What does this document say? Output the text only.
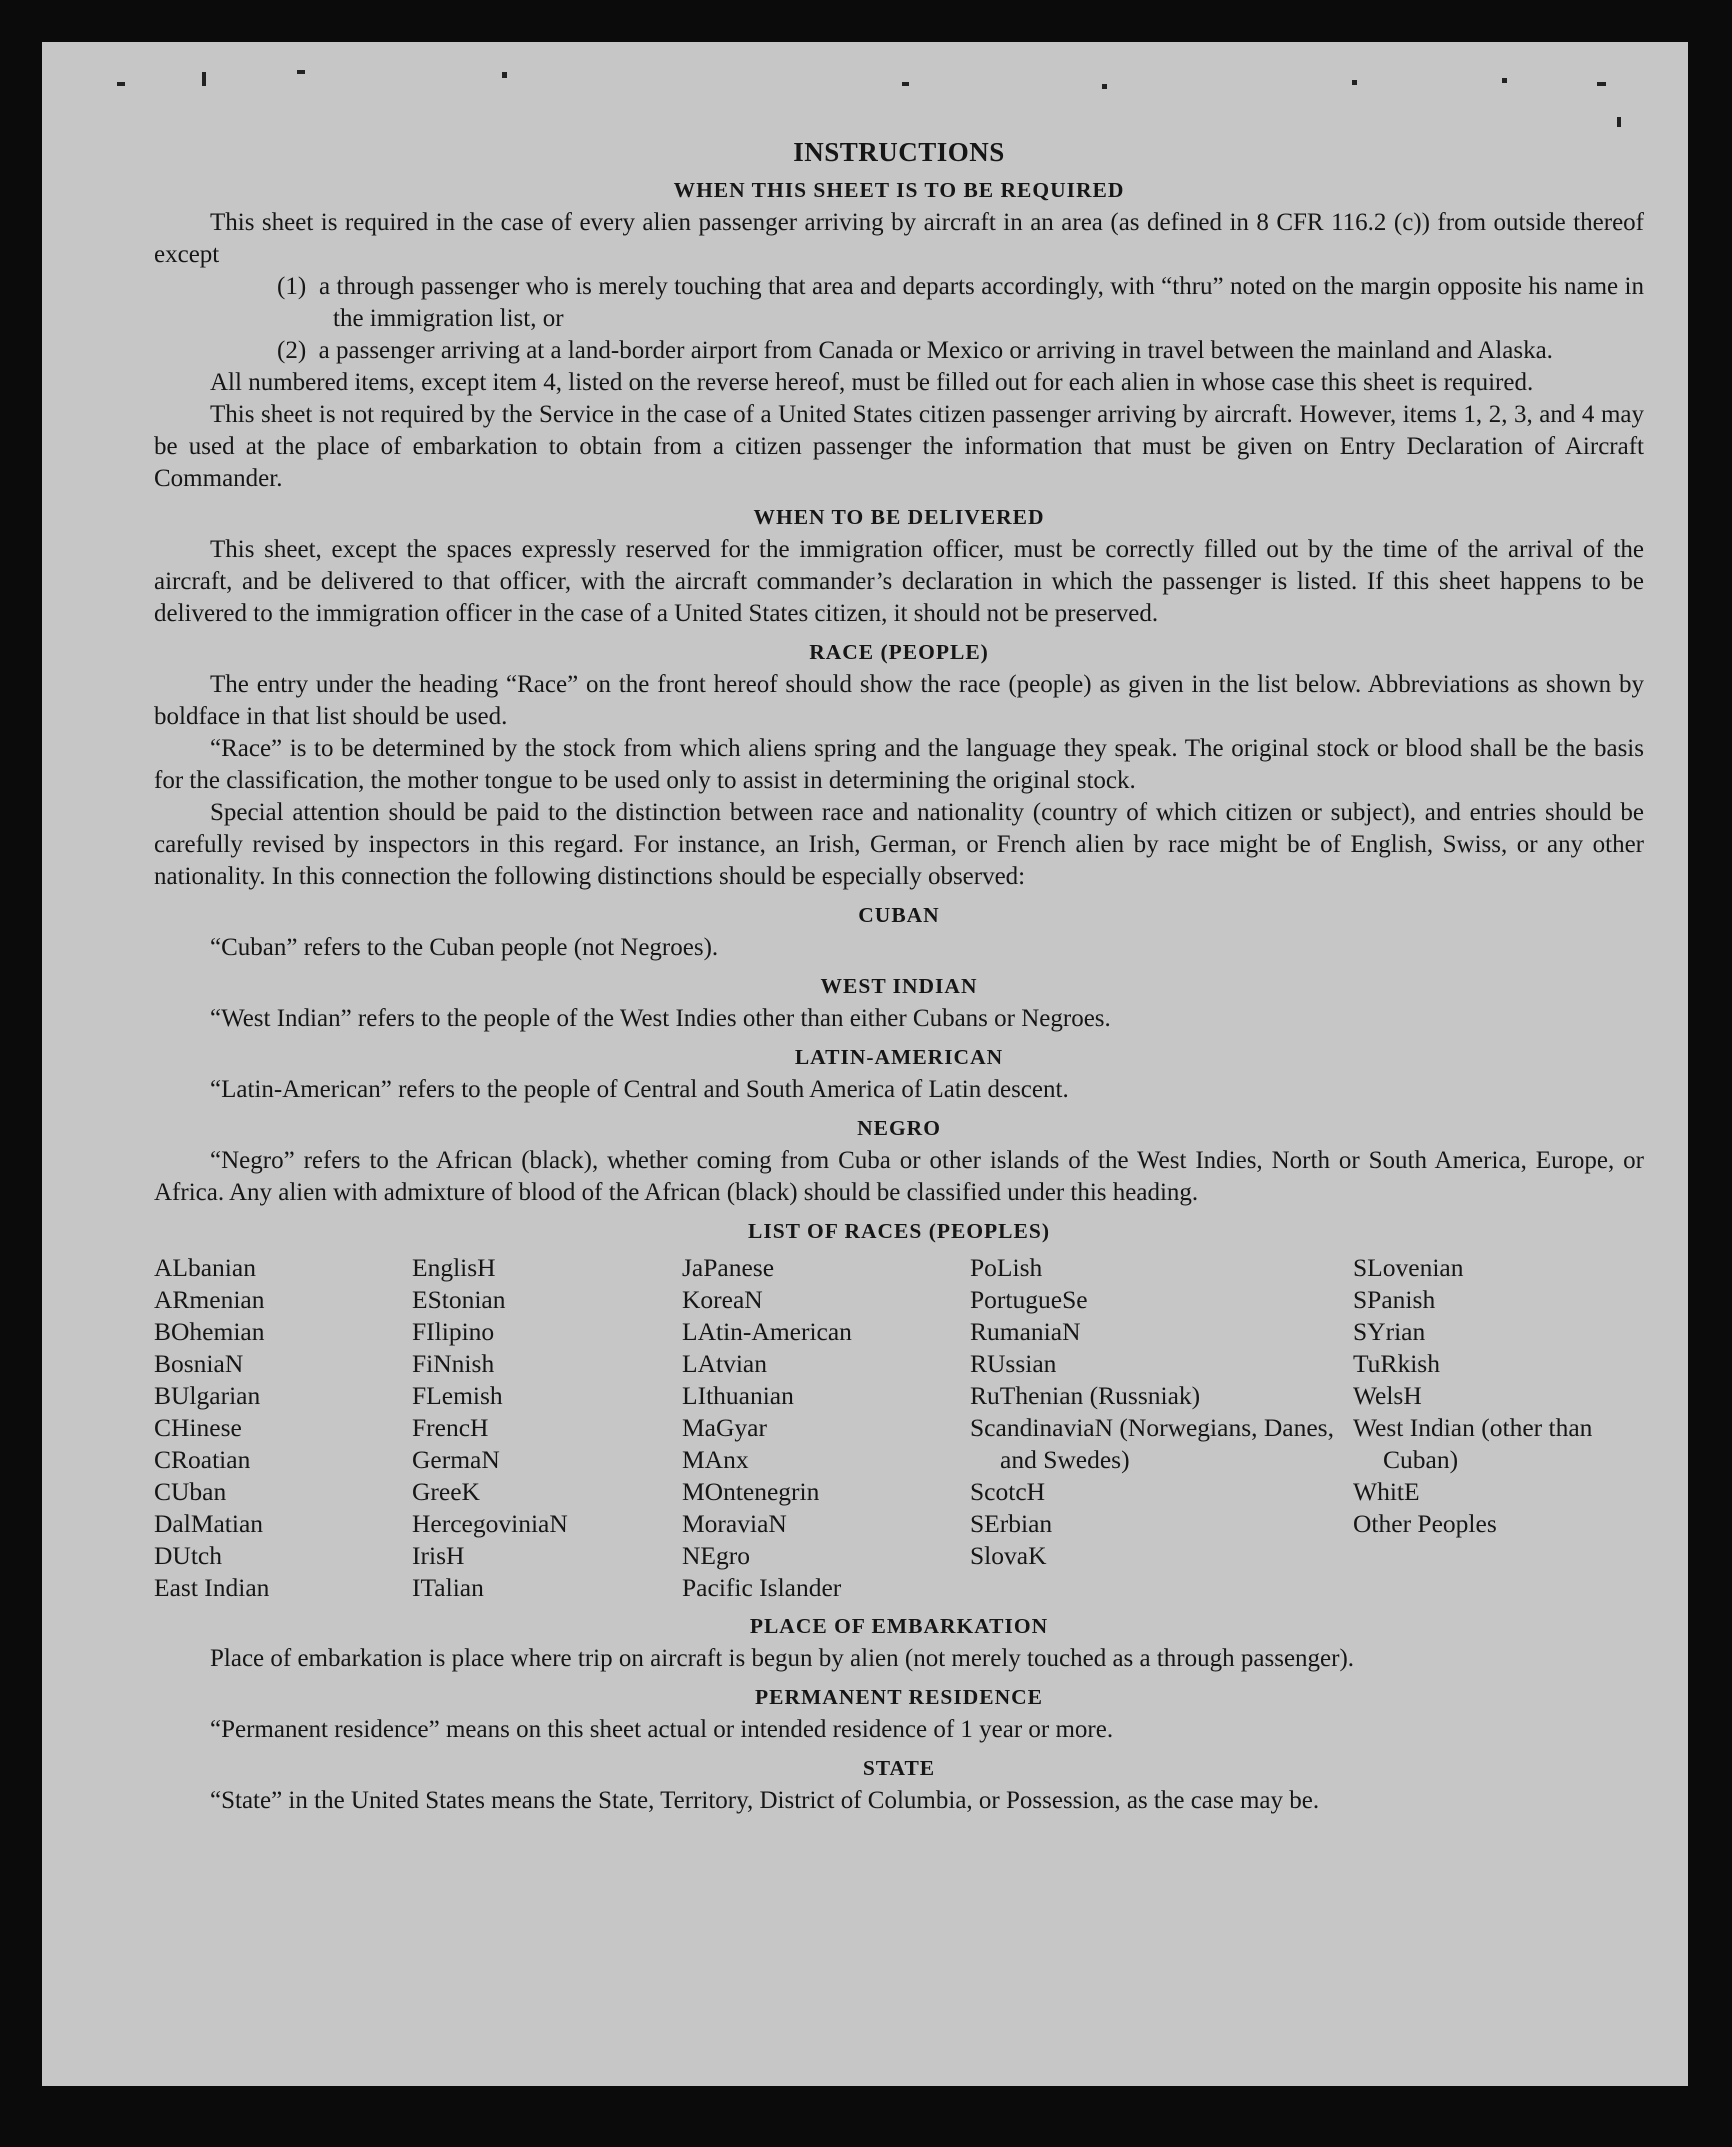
INSTRUCTIONS
WHEN THIS SHEET IS TO BE REQUIRED

This sheet is required in the case of every alien passenger arriving by aircraft in an area (as defined in 8 CFR 116.2 (c)) from outside thereof except

(1)  a through passenger who is merely touching that area and departs accordingly, with “thru” noted on the margin opposite his name in the immigration list, or

(2)  a passenger arriving at a land-border airport from Canada or Mexico or arriving in travel between the mainland and Alaska.

All numbered items, except item 4, listed on the reverse hereof, must be filled out for each alien in whose case this sheet is required.

This sheet is not required by the Service in the case of a United States citizen passenger arriving by aircraft. However, items 1, 2, 3, and 4 may be used at the place of embarkation to obtain from a citizen passenger the information that must be given on Entry Declaration of Aircraft Commander.

WHEN TO BE DELIVERED

This sheet, except the spaces expressly reserved for the immigration officer, must be correctly filled out by the time of the arrival of the aircraft, and be delivered to that officer, with the aircraft commander’s declaration in which the passenger is listed. If this sheet happens to be delivered to the immigration officer in the case of a United States citizen, it should not be preserved.

RACE (PEOPLE)

The entry under the heading “Race” on the front hereof should show the race (people) as given in the list below. Abbreviations as shown by boldface in that list should be used.

“Race” is to be determined by the stock from which aliens spring and the language they speak. The original stock or blood shall be the basis for the classification, the mother tongue to be used only to assist in determining the original stock.

Special attention should be paid to the distinction between race and nationality (country of which citizen or subject), and entries should be carefully revised by inspectors in this regard. For instance, an Irish, German, or French alien by race might be of English, Swiss, or any other nationality. In this connection the following distinctions should be especially observed:

CUBAN

“Cuban” refers to the Cuban people (not Negroes).

WEST INDIAN

“West Indian” refers to the people of the West Indies other than either Cubans or Negroes.

LATIN-AMERICAN

“Latin-American” refers to the people of Central and South America of Latin descent.

NEGRO

“Negro” refers to the African (black), whether coming from Cuba or other islands of the West Indies, North or South America, Europe, or Africa. Any alien with admixture of blood of the African (black) should be classified under this heading.

LIST OF RACES (PEOPLES)
ALbanian
ARmenian
BOhemian
BosniaN
BUlgarian
CHinese
CRoatian
CUban
DalMatian
DUtch
East Indian
EnglisH
EStonian
FIlipino
FiNnish
FLemish
FrencH
GermaN
GreeK
HercegoviniaN
IrisH
ITalian
JaPanese
KoreaN
LAtin-American
LAtvian
LIthuanian
MaGyar
MAnx
MOntenegrin
MoraviaN
NEgro
Pacific Islander
PoLish
PortugueSe
RumaniaN
RUssian
RuThenian (Russniak)
ScandinaviaN (Norwegians, Danes, and Swedes)
ScotcH
SErbian
SlovaK
SLovenian
SPanish
SYrian
TuRkish
WelsH
West Indian (other than Cuban)
WhitE
Other Peoples
PLACE OF EMBARKATION

Place of embarkation is place where trip on aircraft is begun by alien (not merely touched as a through passenger).

PERMANENT RESIDENCE

“Permanent residence” means on this sheet actual or intended residence of 1 year or more.

STATE

“State” in the United States means the State, Territory, District of Columbia, or Possession, as the case may be.
